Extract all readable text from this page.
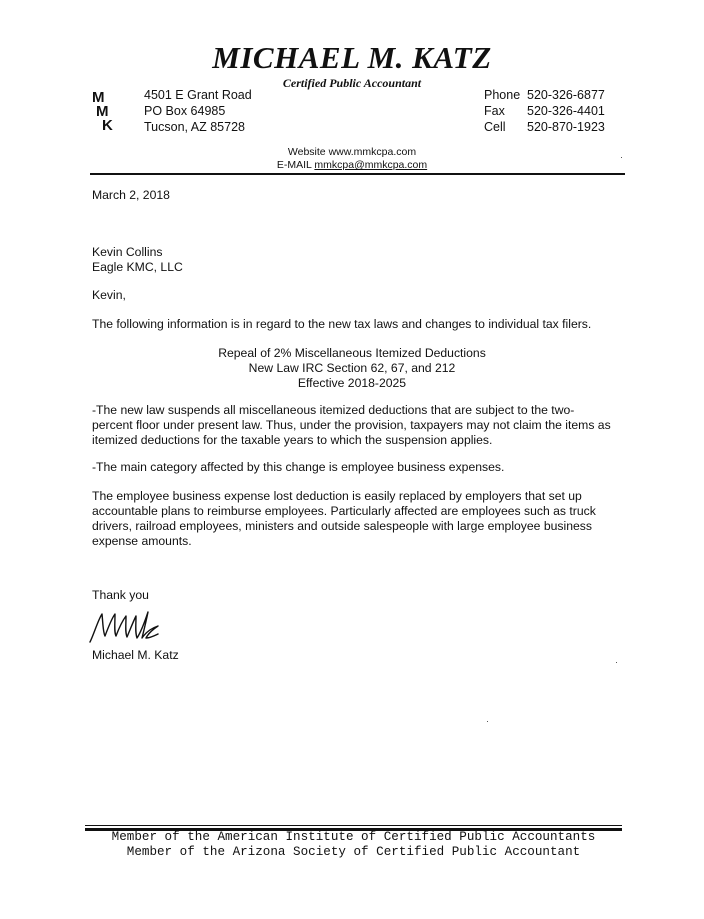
MICHAEL M. KATZ
Certified Public Accountant
M
M
K
4501 E Grant Road
PO Box 64985
Tucson, AZ 85728
Phone 520-326-6877
Fax 520-326-4401
Cell 520-870-1923
Website www.mmkcpa.com
E-MAIL mmkcpa@mmkcpa.com
March 2, 2018
Kevin Collins
Eagle KMC, LLC
Kevin,
The following information is in regard to the new tax laws and changes to individual tax filers.
Repeal of 2% Miscellaneous Itemized Deductions
New Law IRC Section 62, 67, and 212
Effective 2018-2025
-The new law suspends all miscellaneous itemized deductions that are subject to the two-percent floor under present law. Thus, under the provision, taxpayers may not claim the items as itemized deductions for the taxable years to which the suspension applies.
-The main category affected by this change is employee business expenses.
The employee business expense lost deduction is easily replaced by employers that set up accountable plans to reimburse employees. Particularly affected are employees such as truck drivers, railroad employees, ministers and outside salespeople with large employee business expense amounts.
Thank you
Michael M. Katz
Member of the American Institute of Certified Public Accountants
Member of the Arizona Society of Certified Public Accountant
